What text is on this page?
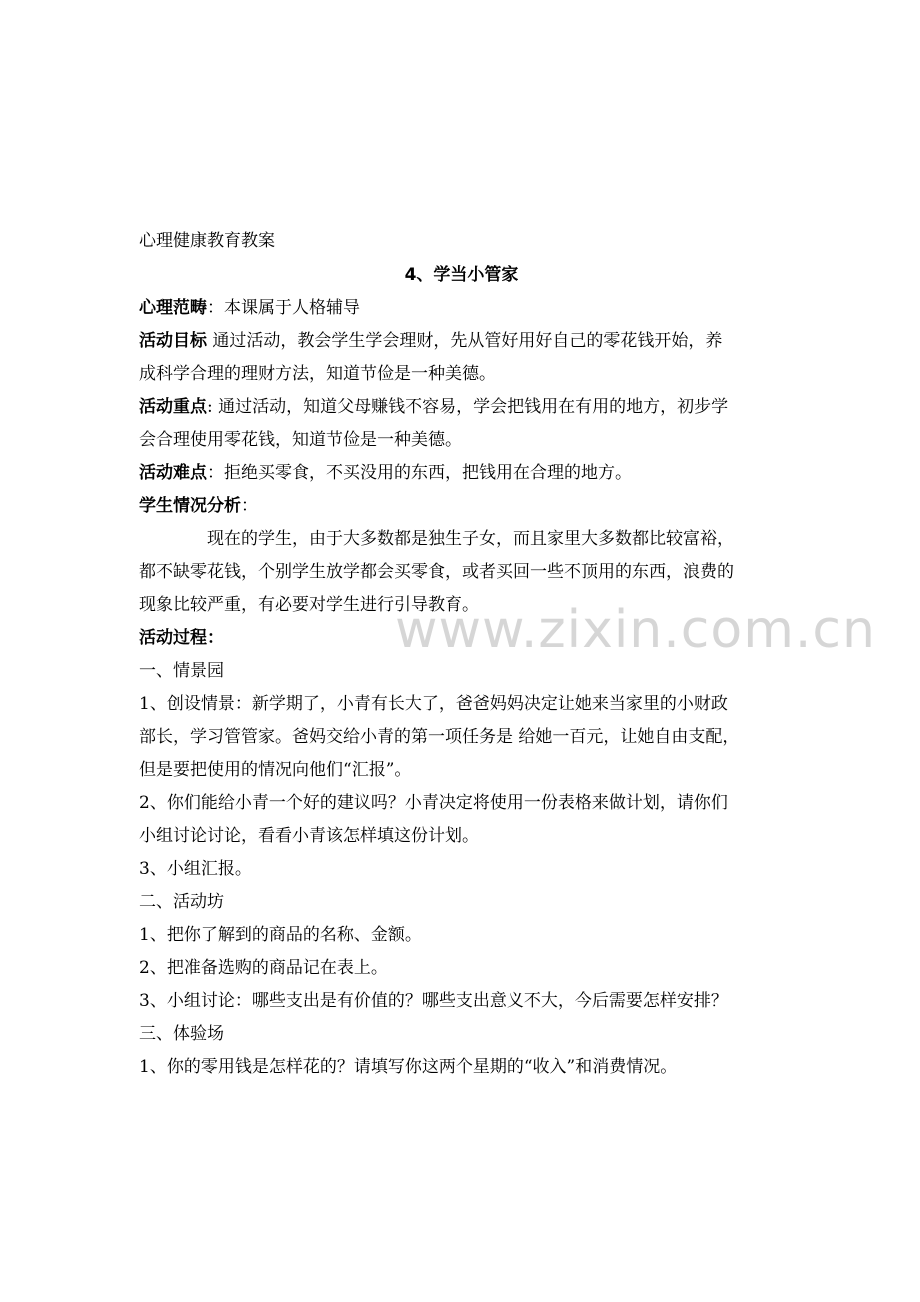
www.zixin.com.cn

心理健康教育教案

4、学当小管家

心理范畴：本课属于人格辅导

活动目标 通过活动，教会学生学会理财，先从管好用好自己的零花钱开始，养

成科学合理的理财方法，知道节俭是一种美德。

活动重点: 通过活动，知道父母赚钱不容易，学会把钱用在有用的地方，初步学

会合理使用零花钱，知道节俭是一种美德。

活动难点：拒绝买零食，不买没用的东西，把钱用在合理的地方。

学生情况分析：

现在的学生，由于大多数都是独生子女，而且家里大多数都比较富裕，

都不缺零花钱，个别学生放学都会买零食，或者买回一些不顶用的东西，浪费的

现象比较严重，有必要对学生进行引导教育。

活动过程：

一、情景园

1、创设情景：新学期了，小青有长大了，爸爸妈妈决定让她来当家里的小财政

部长，学习管管家。爸妈交给小青的第一项任务是 给她一百元，让她自由支配，

但是要把使用的情况向他们“汇报”。

2、你们能给小青一个好的建议吗？小青决定将使用一份表格来做计划，请你们

小组讨论讨论，看看小青该怎样填这份计划。

3、小组汇报。

二、活动坊

1、把你了解到的商品的名称、金额。

2、把准备选购的商品记在表上。

3、小组讨论：哪些支出是有价值的？哪些支出意义不大，今后需要怎样安排？

三、体验场

1、你的零用钱是怎样花的？请填写你这两个星期的“收入”和消费情况。
